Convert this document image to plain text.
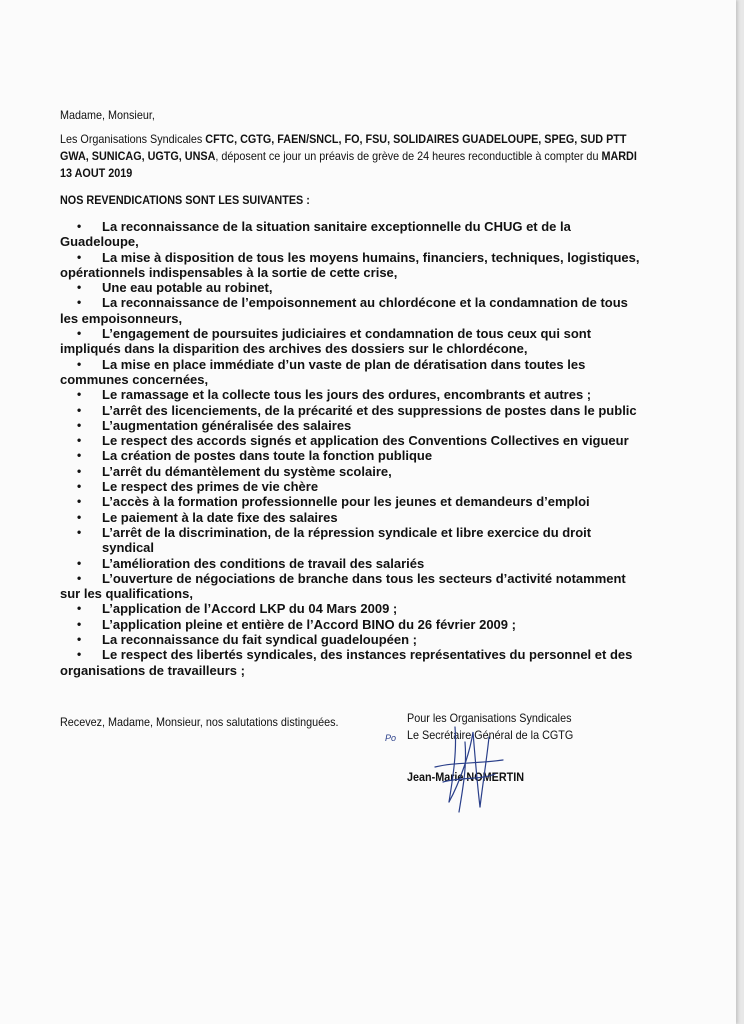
Madame, Monsieur,

Les Organisations Syndicales CFTC, CGTG, FAEN/SNCL, FO, FSU, SOLIDAIRES GUADELOUPE, SPEG, SUD PTT GWA, SUNICAG, UGTG, UNSA, déposent ce jour un préavis de grève de 24 heures reconductible à compter du MARDI 13 AOUT 2019

NOS REVENDICATIONS SONT LES SUIVANTES :

• La reconnaissance de la situation sanitaire exceptionnelle du CHUG et de la Guadeloupe,
• La mise à disposition de tous les moyens humains, financiers, techniques, logistiques, opérationnels indispensables à la sortie de cette crise,
• Une eau potable au robinet,
• La reconnaissance de l’empoisonnement au chlordécone et la condamnation de tous les empoisonneurs,
• L’engagement de poursuites judiciaires et condamnation de tous ceux qui sont impliqués dans la disparition des archives des dossiers sur le chlordécone,
• La mise en place immédiate d’un vaste de plan de dératisation dans toutes les communes concernées,
• Le ramassage et la collecte tous les jours des ordures, encombrants et autres ;
• L’arrêt des licenciements, de la précarité et des suppressions de postes dans le public
• L’augmentation généralisée des salaires
• Le respect des accords signés et application des Conventions Collectives en vigueur
• La création de postes dans toute la fonction publique
• L’arrêt du démantèlement du système scolaire,
• Le respect des primes de vie chère
• L’accès à la formation professionnelle pour les jeunes et demandeurs d’emploi
• Le paiement à la date fixe des salaires
• L’arrêt de la discrimination, de la répression syndicale et libre exercice du droit syndical
• L’amélioration des conditions de travail des salariés
• L’ouverture de négociations de branche dans tous les secteurs d’activité notamment sur les qualifications,
• L’application de l’Accord LKP du 04 Mars 2009 ;
• L’application pleine et entière de l’Accord BINO du 26 février 2009 ;
• La reconnaissance du fait syndical guadeloupéen ;
• Le respect des libertés syndicales, des instances représentatives du personnel et des organisations de travailleurs ;

Recevez, Madame, Monsieur, nos salutations distinguées.

Po
Pour les Organisations Syndicales
Le Secrétaire Général de la CGTG
Jean-Marie NOMERTIN
